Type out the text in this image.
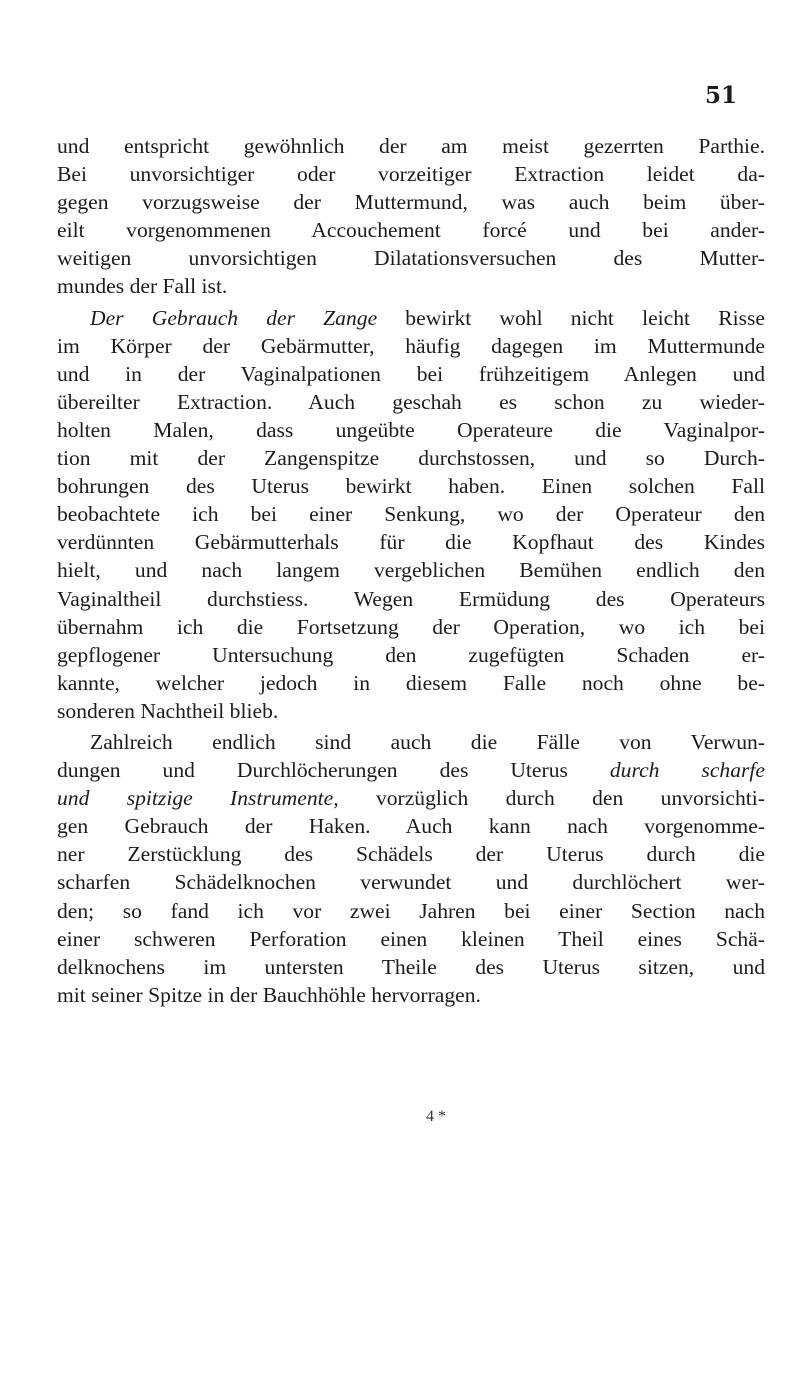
51
und entspricht gewöhnlich der am meist gezerrten Parthie.
Bei unvorsichtiger oder vorzeitiger Extraction leidet da-
gegen vorzugsweise der Muttermund, was auch beim über-
eilt vorgenommenen Accouchement forcé und bei ander-
weitigen unvorsichtigen Dilatationsversuchen des Mutter-
mundes der Fall ist.
Der Gebrauch der Zange bewirkt wohl nicht leicht Risse
im Körper der Gebärmutter, häufig dagegen im Muttermunde
und in der Vaginalpationen bei frühzeitigem Anlegen und
übereilter Extraction. Auch geschah es schon zu wieder-
holten Malen, dass ungeübte Operateure die Vaginalpor-
tion mit der Zangenspitze durchstossen, und so Durch-
bohrungen des Uterus bewirkt haben. Einen solchen Fall
beobachtete ich bei einer Senkung, wo der Operateur den
verdünnten Gebärmutterhals für die Kopfhaut des Kindes
hielt, und nach langem vergeblichen Bemühen endlich den
Vaginaltheil durchstiess. Wegen Ermüdung des Operateurs
übernahm ich die Fortsetzung der Operation, wo ich bei
gepflogener Untersuchung den zugefügten Schaden er-
kannte, welcher jedoch in diesem Falle noch ohne be-
sonderen Nachtheil blieb.
Zahlreich endlich sind auch die Fälle von Verwun-
dungen und Durchlöcherungen des Uterus durch scharfe
und spitzige Instrumente, vorzüglich durch den unvorsichti-
gen Gebrauch der Haken. Auch kann nach vorgenomme-
ner Zerstücklung des Schädels der Uterus durch die
scharfen Schädelknochen verwundet und durchlöchert wer-
den; so fand ich vor zwei Jahren bei einer Section nach
einer schweren Perforation einen kleinen Theil eines Schä-
delknochens im untersten Theile des Uterus sitzen, und
mit seiner Spitze in der Bauchhöhle hervorragen.
4 *
